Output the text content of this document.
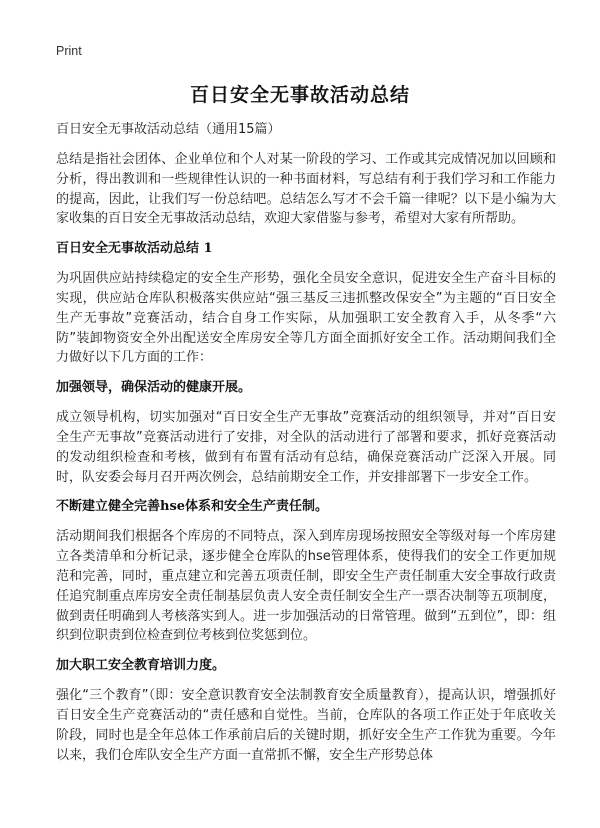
Print
百日安全无事故活动总结
百日安全无事故活动总结（通用15篇）

总结是指社会团体、企业单位和个人对某一阶段的学习、工作或其完成情况加以回顾和分析，得出教训和一些规律性认识的一种书面材料，写总结有利于我们学习和工作能力的提高，因此，让我们写一份总结吧。总结怎么写才不会千篇一律呢？以下是小编为大家收集的百日安全无事故活动总结，欢迎大家借鉴与参考，希望对大家有所帮助。

百日安全无事故活动总结 1

为巩固供应站持续稳定的安全生产形势，强化全员安全意识，促进安全生产奋斗目标的实现，供应站仓库队积极落实供应站“强三基反三违抓整改保安全”为主题的“百日安全生产无事故”竞赛活动，结合自身工作实际，从加强职工安全教育入手，从冬季“六防”装卸物资安全外出配送安全库房安全等几方面全面抓好安全工作。活动期间我们全力做好以下几方面的工作：

加强领导，确保活动的健康开展。

成立领导机构，切实加强对“百日安全生产无事故”竞赛活动的组织领导，并对“百日安全生产无事故”竞赛活动进行了安排，对全队的活动进行了部署和要求，抓好竞赛活动的发动组织检查和考核，做到有布置有活动有总结，确保竞赛活动广泛深入开展。同时，队安委会每月召开两次例会，总结前期安全工作，并安排部署下一步安全工作。

不断建立健全完善hse体系和安全生产责任制。

活动期间我们根据各个库房的不同特点，深入到库房现场按照安全等级对每一个库房建立各类清单和分析记录，逐步健全仓库队的hse管理体系，使得我们的安全工作更加规范和完善，同时，重点建立和完善五项责任制，即安全生产责任制重大安全事故行政责任追究制重点库房安全责任制基层负责人安全责任制安全生产一票否决制等五项制度，做到责任明确到人考核落实到人。进一步加强活动的日常管理。做到“五到位”，即：组织到位职责到位检查到位考核到位奖惩到位。

加大职工安全教育培训力度。

强化“三个教育”（即：安全意识教育安全法制教育安全质量教育），提高认识，增强抓好百日安全生产竞赛活动的“责任感和自觉性。当前，仓库队的各项工作正处于年底收关阶段，同时也是全年总体工作承前启后的关键时期，抓好安全生产工作犹为重要。今年以来，我们仓库队安全生产方面一直常抓不懈，安全生产形势总体
